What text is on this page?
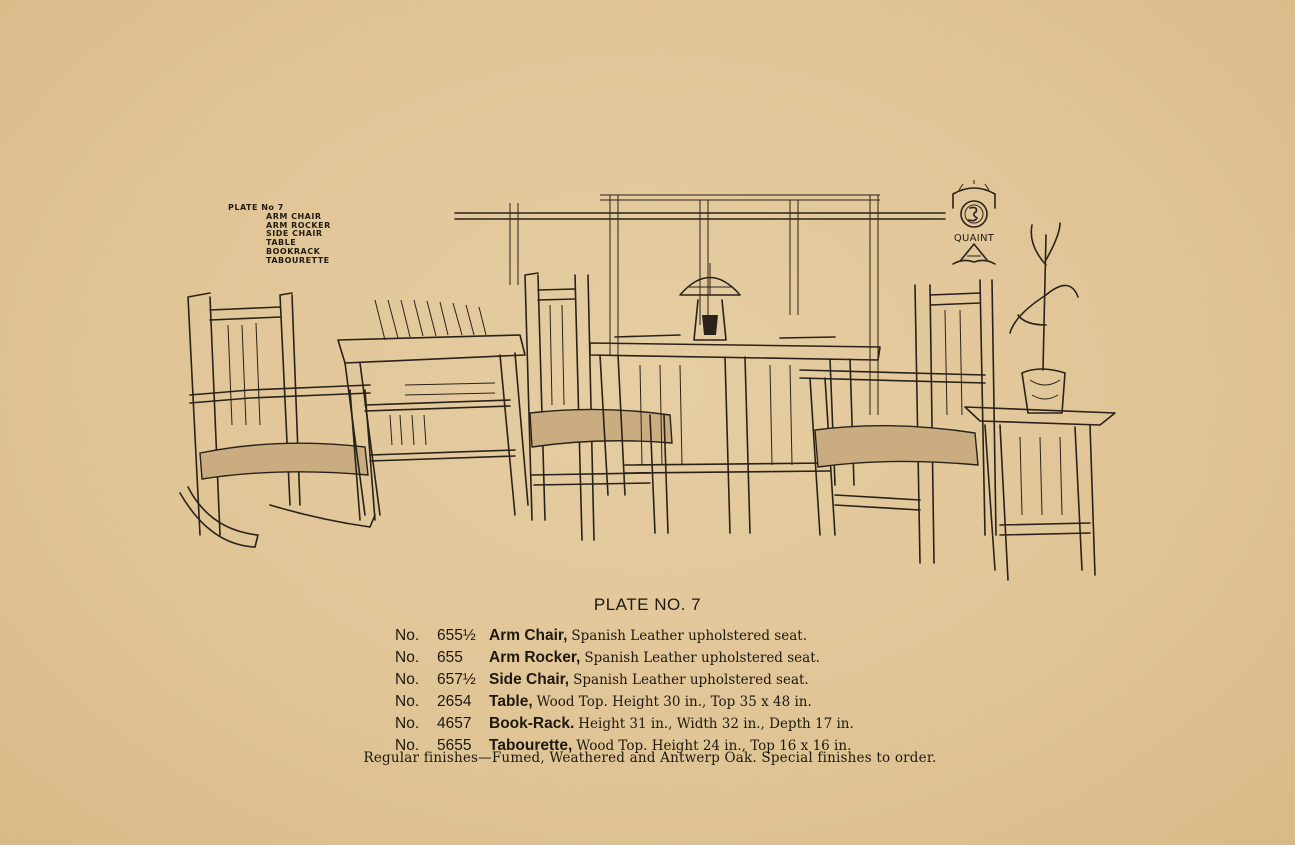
PLATE No 7
ARM CHAIR
ARM ROCKER
SIDE CHAIR
TABLE
BOOKRACK
TABOURETTE
QUAINT
PLATE NO. 7
No. 655½ Arm Chair, Spanish Leather upholstered seat.
No. 655 Arm Rocker, Spanish Leather upholstered seat.
No. 657½ Side Chair, Spanish Leather upholstered seat.
No. 2654 Table, Wood Top. Height 30 in., Top 35 x 48 in.
No. 4657 Book-Rack. Height 31 in., Width 32 in., Depth 17 in.
No. 5655 Tabourette, Wood Top. Height 24 in., Top 16 x 16 in.
Regular finishes—Fumed, Weathered and Antwerp Oak. Special finishes to order.
